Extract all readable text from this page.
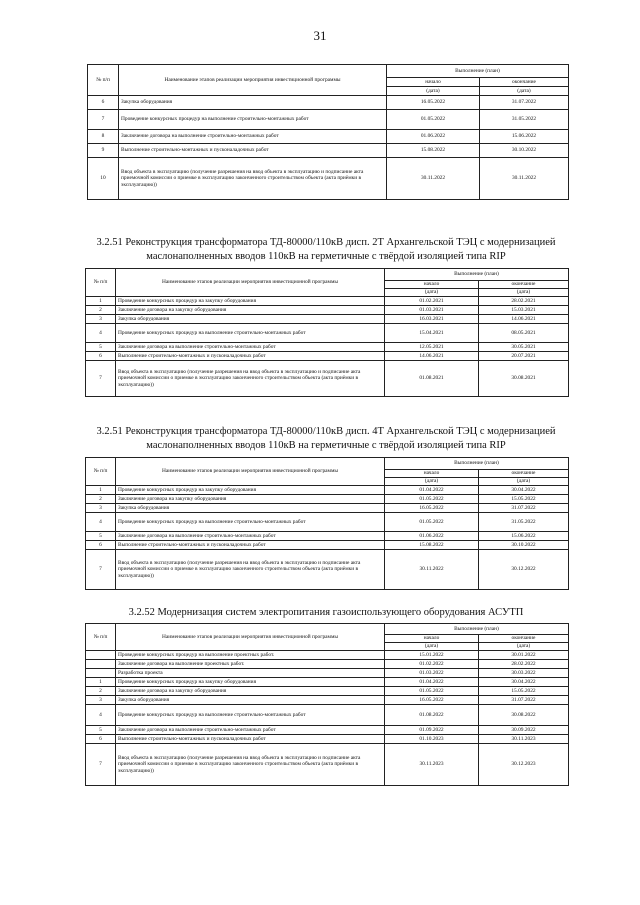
31
№ п/п	Наименование этапов реализации мероприятия инвестиционной программы	Выполнение (план)	
		начало	окончание
		(дата)	(дата)
6	Закупка оборудования	16.05.2022	31.07.2022
7	Проведение конкурсных процедур на выполнение строительно-монтажных работ	01.05.2022	31.05.2022
8	Заключение договора на выполнение строительно-монтажных работ	01.06.2022	15.06.2022
9	Выполнение строительно-монтажных и пусконаладочных работ	15.08.2022	30.10.2022
10	Ввод объекта в эксплуатацию (получение разрешения на ввод объекта в эксплуатацию и подписание акта приемочной комиссии о приемке в эксплуатацию законченного строительством объекта (акта приёмки в эксплуатацию))	30.11.2022	30.11.2022
3.2.51 Реконструкция трансформатора ТД-80000/110кВ дисп. 2Т Архангельской ТЭЦ с модернизацией маслонаполненных вводов 110кВ на герметичные с твёрдой изоляцией типа RIP
№ п/п	Наименование этапов реализации мероприятия инвестиционной программы	Выполнение (план)	
		начало	окончание
		(дата)	(дата)
1	Проведение конкурсных процедур на закупку оборудования	01.02.2021	28.02.2021
2	Заключение договора на закупку оборудования	01.03.2021	15.03.2021
3	Закупка оборудования	16.03.2021	14.06.2021
4	Проведение конкурсных процедур на выполнение строительно-монтажных работ	15.04.2021	08.05.2021
5	Заключение договора на выполнение строительно-монтажных работ	12.05.2021	30.05.2021
6	Выполнение строительно-монтажных и пусконаладочных работ	14.06.2021	20.07.2021
7	Ввод объекта в эксплуатацию (получение разрешения на ввод объекта в эксплуатацию и подписание акта приемочной комиссии о приемке в эксплуатацию законченного строительством объекта (акта приёмки в эксплуатацию))	01.08.2021	30.08.2021
3.2.51 Реконструкция трансформатора ТД-80000/110кВ дисп. 4Т Архангельской ТЭЦ с модернизацией маслонаполненных вводов 110кВ на герметичные с твёрдой изоляцией типа RIP
№ п/п	Наименование этапов реализации мероприятия инвестиционной программы	Выполнение (план)	
		начало	окончание
		(дата)	(дата)
1	Проведение конкурсных процедур на закупку оборудования	01.04.2022	30.04.2022
2	Заключение договора на закупку оборудования	01.05.2022	15.05.2022
3	Закупка оборудования	16.05.2022	31.07.2022
4	Проведение конкурсных процедур на выполнение строительно-монтажных работ	01.05.2022	31.05.2022
5	Заключение договора на выполнение строительно-монтажных работ	01.06.2022	15.06.2022
6	Выполнение строительно-монтажных и пусконаладочных работ	15.08.2022	30.10.2022
7	Ввод объекта в эксплуатацию (получение разрешения на ввод объекта в эксплуатацию и подписание акта приемочной комиссии о приемке в эксплуатацию законченного строительством объекта (акта приёмки в эксплуатацию))	30.11.2022	30.12.2022
3.2.52 Модернизация систем электропитания газоиспользующего оборудования АСУТП
№ п/п	Наименование этапов реализации мероприятия инвестиционной программы	Выполнение (план)	
		начало	окончание
		(дата)	(дата)
	Проведение конкурсных процедур на выполнение проектных работ.	15.01.2022	30.01.2022
	Заключение договора на выполнение проектных работ.	01.02.2022	28.02.2022
	Разработка проекта	01.03.2022	30.03.2022
1	Проведение конкурсных процедур на закупку оборудования	01.04.2022	30.04.2022
2	Заключение договора на закупку оборудования	01.05.2022	15.05.2022
3	Закупка оборудования	16.05.2022	31.07.2022
4	Проведение конкурсных процедур на выполнение строительно-монтажных работ	01.08.2022	30.08.2022
5	Заключение договора на выполнение строительно-монтажных работ	01.09.2022	30.09.2022
6	Выполнение строительно-монтажных и пусконаладочных работ	01.10.2023	30.11.2023
7	Ввод объекта в эксплуатацию (получение разрешения на ввод объекта в эксплуатацию и подписание акта приемочной комиссии о приемке в эксплуатацию законченного строительством объекта (акта приёмки в эксплуатацию))	30.11.2023	30.12.2023
